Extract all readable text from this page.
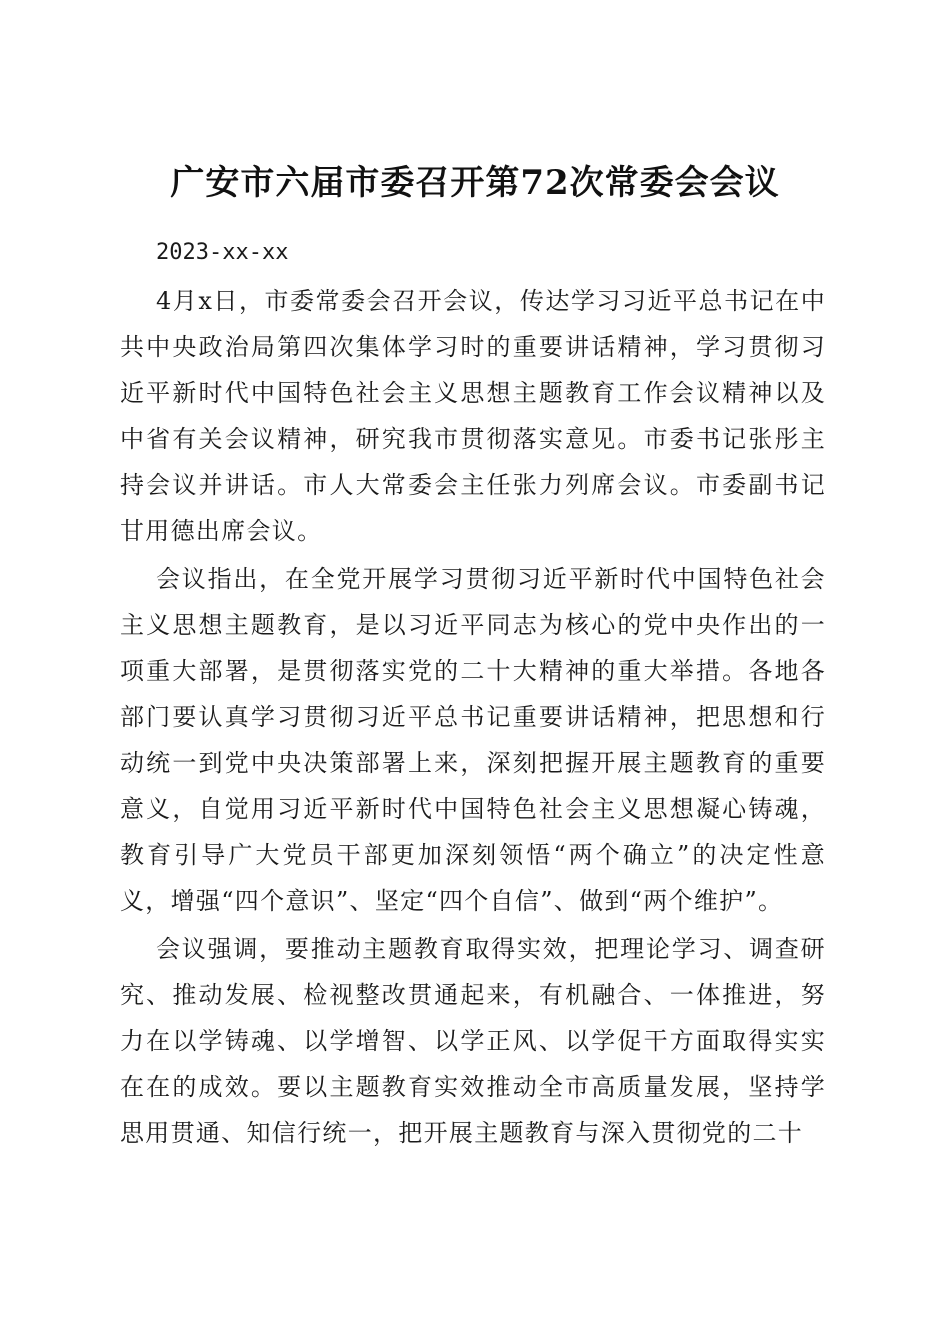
广安市六届市委召开第72次常委会会议

2023-xx-xx

4月x日，市委常委会召开会议，传达学习习近平总书记在中共中央政治局第四次集体学习时的重要讲话精神，学习贯彻习近平新时代中国特色社会主义思想主题教育工作会议精神以及中省有关会议精神，研究我市贯彻落实意见。市委书记张彤主持会议并讲话。市人大常委会主任张力列席会议。市委副书记甘用德出席会议。

会议指出，在全党开展学习贯彻习近平新时代中国特色社会主义思想主题教育，是以习近平同志为核心的党中央作出的一项重大部署，是贯彻落实党的二十大精神的重大举措。各地各部门要认真学习贯彻习近平总书记重要讲话精神，把思想和行动统一到党中央决策部署上来，深刻把握开展主题教育的重要意义，自觉用习近平新时代中国特色社会主义思想凝心铸魂，教育引导广大党员干部更加深刻领悟“两个确立”的决定性意义，增强“四个意识”、坚定“四个自信”、做到“两个维护”。

会议强调，要推动主题教育取得实效，把理论学习、调查研究、推动发展、检视整改贯通起来，有机融合、一体推进，努力在以学铸魂、以学增智、以学正风、以学促干方面取得实实在在的成效。要以主题教育实效推动全市高质量发展，坚持学思用贯通、知信行统一，把开展主题教育与深入贯彻党的二十
